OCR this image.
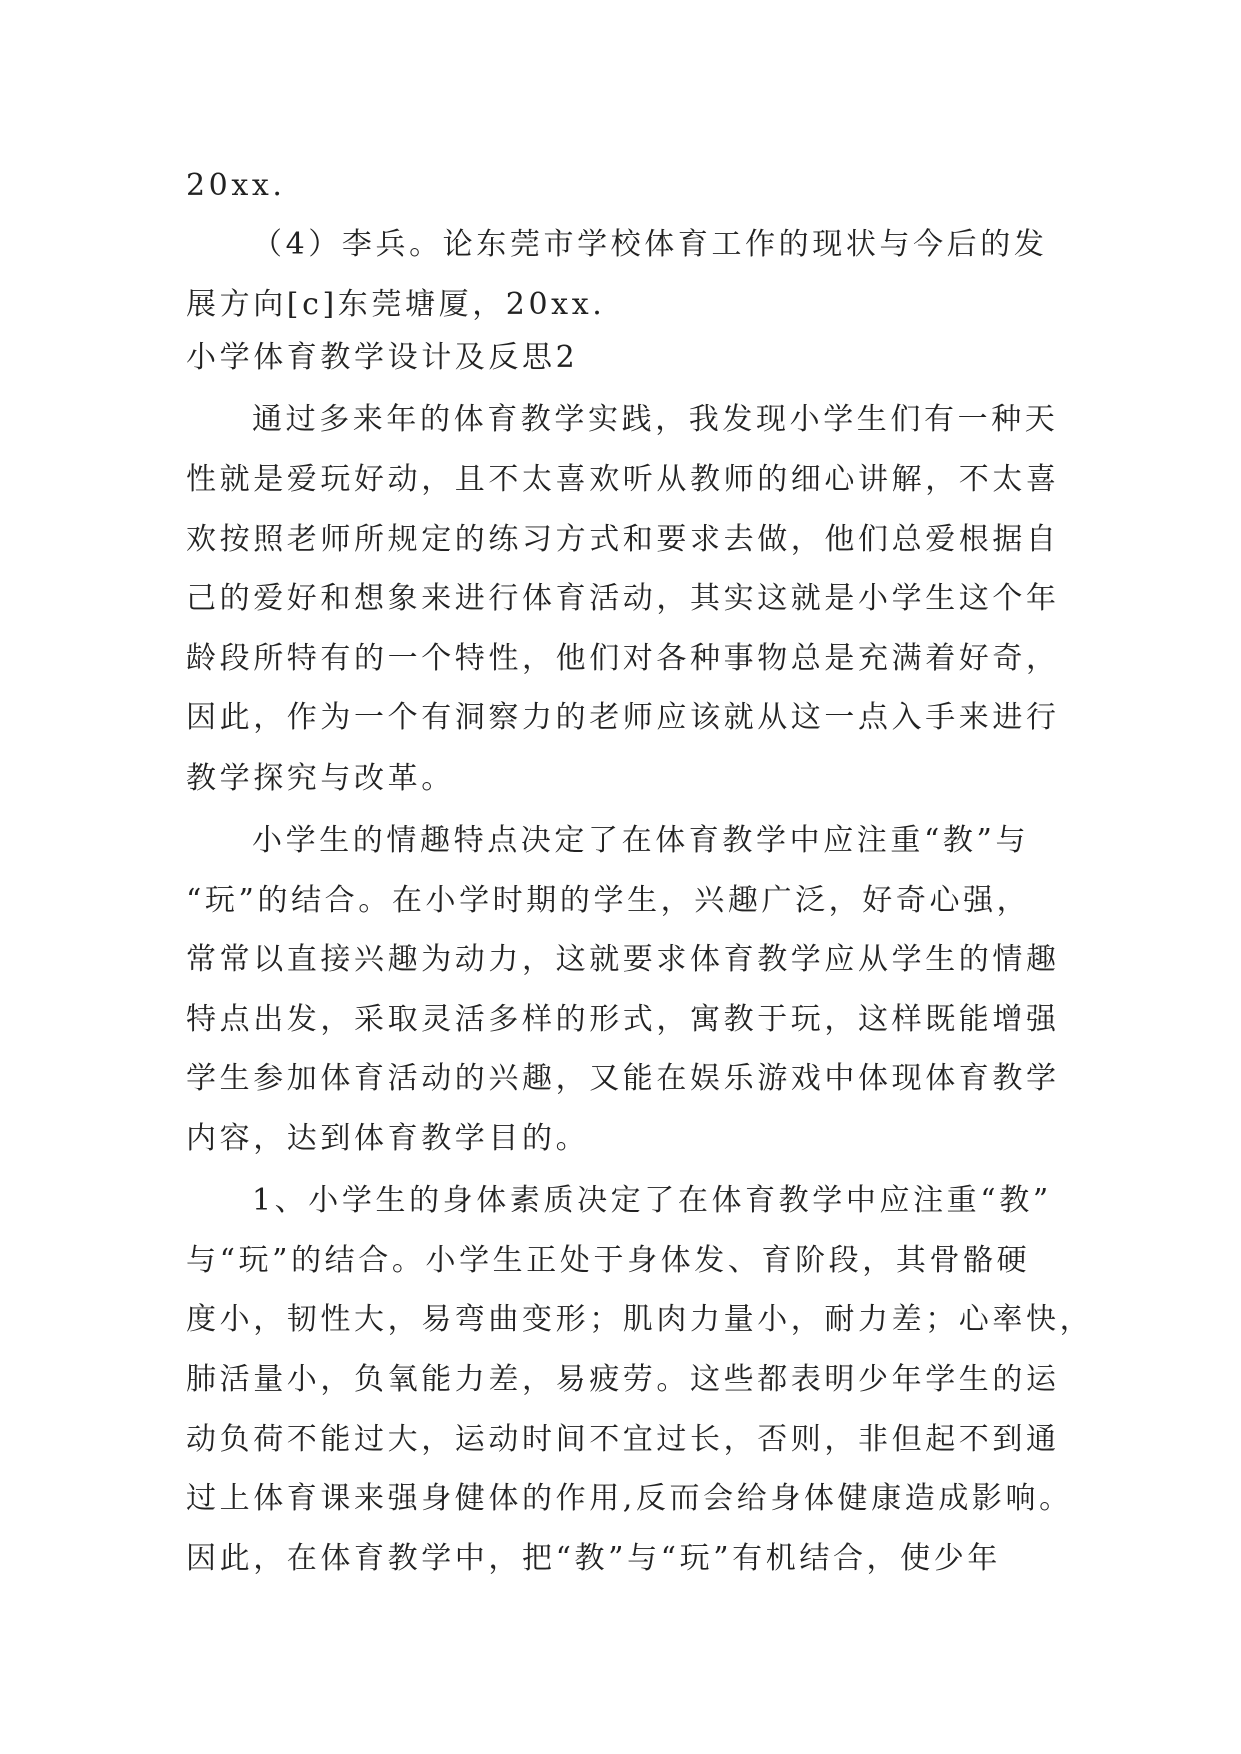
20xx.
（4）李兵。论东莞市学校体育工作的现状与今后的发
展方向[c]东莞塘厦，20xx.
小学体育教学设计及反思2
通过多来年的体育教学实践，我发现小学生们有一种天
性就是爱玩好动，且不太喜欢听从教师的细心讲解，不太喜
欢按照老师所规定的练习方式和要求去做，他们总爱根据自
己的爱好和想象来进行体育活动，其实这就是小学生这个年
龄段所特有的一个特性，他们对各种事物总是充满着好奇，
因此，作为一个有洞察力的老师应该就从这一点入手来进行
教学探究与改革。
小学生的情趣特点决定了在体育教学中应注重“教”与
“玩”的结合。在小学时期的学生，兴趣广泛，好奇心强，
常常以直接兴趣为动力，这就要求体育教学应从学生的情趣
特点出发，采取灵活多样的形式，寓教于玩，这样既能增强
学生参加体育活动的兴趣，又能在娱乐游戏中体现体育教学
内容，达到体育教学目的。
1、小学生的身体素质决定了在体育教学中应注重“教”
与“玩”的结合。小学生正处于身体发、育阶段，其骨骼硬
度小，韧性大，易弯曲变形；肌肉力量小，耐力差；心率快，
肺活量小，负氧能力差，易疲劳。这些都表明少年学生的运
动负荷不能过大，运动时间不宜过长，否则，非但起不到通
过上体育课来强身健体的作用,反而会给身体健康造成影响。
因此，在体育教学中，把“教”与“玩”有机结合，使少年
